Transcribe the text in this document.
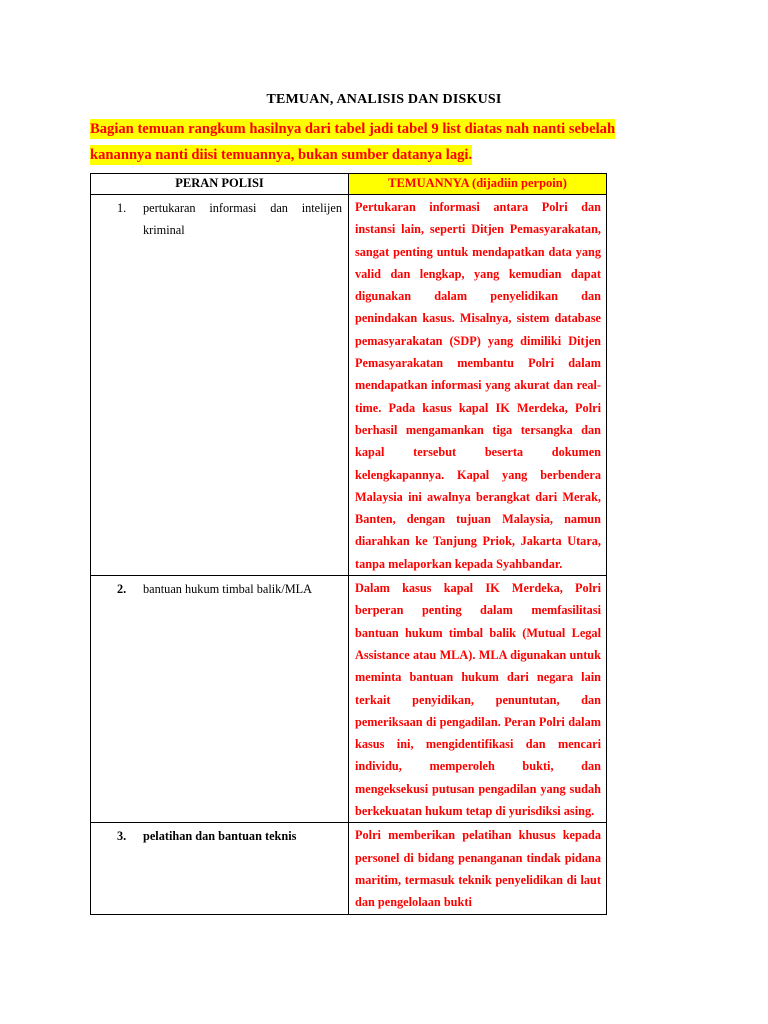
TEMUAN, ANALISIS DAN DISKUSI
Bagian temuan rangkum hasilnya dari tabel jadi tabel 9 list diatas nah nanti sebelah kanannya nanti diisi temuannya, bukan sumber datanya lagi.
PERAN POLISI	TEMUANNYA (dijadiin perpoin)

1. pertukaran informasi dan intelijen kriminal	Pertukaran informasi antara Polri dan instansi lain, seperti Ditjen Pemasyarakatan, sangat penting untuk mendapatkan data yang valid dan lengkap, yang kemudian dapat digunakan dalam penyelidikan dan penindakan kasus. Misalnya, sistem database pemasyarakatan (SDP) yang dimiliki Ditjen Pemasyarakatan membantu Polri dalam mendapatkan informasi yang akurat dan real-time. Pada kasus kapal IK Merdeka, Polri berhasil mengamankan tiga tersangka dan kapal tersebut beserta dokumen kelengkapannya. Kapal yang berbendera Malaysia ini awalnya berangkat dari Merak, Banten, dengan tujuan Malaysia, namun diarahkan ke Tanjung Priok, Jakarta Utara, tanpa melaporkan kepada Syahbandar.

2. bantuan hukum timbal balik/MLA	Dalam kasus kapal IK Merdeka, Polri berperan penting dalam memfasilitasi bantuan hukum timbal balik (Mutual Legal Assistance atau MLA). MLA digunakan untuk meminta bantuan hukum dari negara lain terkait penyidikan, penuntutan, dan pemeriksaan di pengadilan. Peran Polri dalam kasus ini, mengidentifikasi dan mencari individu, memperoleh bukti, dan mengeksekusi putusan pengadilan yang sudah berkekuatan hukum tetap di yurisdiksi asing.

3. pelatihan dan bantuan teknis	Polri memberikan pelatihan khusus kepada personel di bidang penanganan tindak pidana maritim, termasuk teknik penyelidikan di laut dan pengelolaan bukti
